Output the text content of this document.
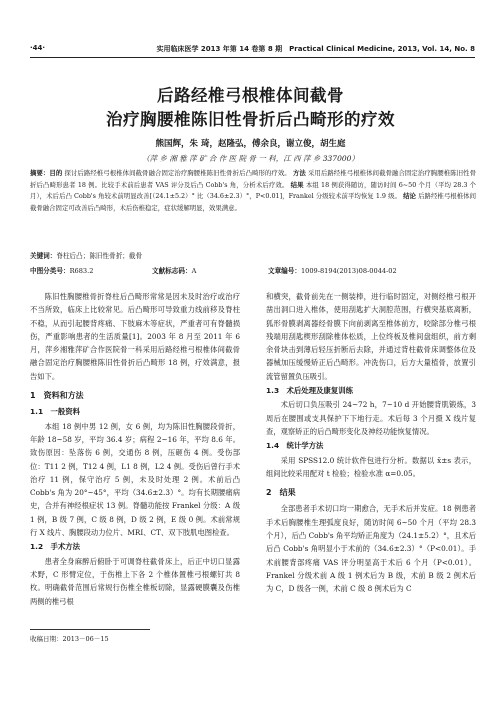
·44·	实用临床医学 2013 年第 14 卷第 8 期　Practical Clinical Medicine, 2013, Vol. 14, No. 8
后路经椎弓根椎体间截骨
治疗胸腰椎陈旧性骨折后凸畸形的疗效
熊国辉，朱 琦，赵隆弘，傅余良，谢立俊，胡生庭
（萍 乡 湘 雅 萍 矿 合 作 医 院 骨 一 科，江 西 萍 乡 337000）
摘要：目的 探讨后路经椎弓根椎体间截骨融合固定治疗胸腰椎陈旧性骨折后凸畸形的疗效。 方法 采用后路经椎弓根椎体间截骨融合固定治疗胸腰椎陈旧性骨折后凸畸形患者 18 例。比较手术前后患者 VAS 评分及后凸 Cobb's 角，分析术后疗效。 结果 本组 18 例获得随访，随访时间 6~50 个月（平均 28.3 个月），术后后凸 Cobb's 角较术前明显改善[（24.1±5.2）° 比（34.6±2.3）°，P<0.01]，Frankel 分级较术前平均恢复 1.9 级。 结论 后路经椎弓根椎体间截骨融合固定可改善后凸畸形，术后伤椎稳定，症状缓解明显，效果满意。
关键词：脊柱后凸；陈旧性骨折；截骨
中图分类号：R683.2	文献标志码：A	文章编号：1009-8194(2013)08-0044-02

陈旧性胸腰椎骨折脊柱后凸畸形常常是因未及时治疗或治疗不当所致，临床上比较常见。后凸畸形可导致重力线前移及脊柱不稳，从而引起腰背疼痛、下肢麻木等症状，严重者可有脊髓损伤，严重影响患者的生活质量[1]。2003 年 8 月至 2011 年 6 月，萍乡湘雅萍矿合作医院骨一科采用后路经椎弓根椎体间截骨融合固定治疗胸腰椎陈旧性骨折后凸畸形 18 例，疗效满意，报告如下。

1　资料和方法
1.1　一般资料

本组 18 例中男 12 例，女 6 例，均为陈旧性胸腰段骨折，年龄 18~58 岁，平均 36.4 岁；病程 2~16 年，平均 8.6 年。致伤原因：坠落伤 6 例，交通伤 8 例，压砸伤 4 例。受伤部位：T11 2 例，T12 4 例，L1 8 例，L2 4 例。受伤后曾行手术治疗 11 例，保守治疗 5 例，未及时处理 2 例。术前后凸 Cobb's 角为 20°~45°，平均（34.6±2.3）°。均有长期腰痛病史，合并有神经根症状 13 例。脊髓功能按 Frankel 分级：A 级 1 例，B 级 7 例，C 级 8 例，D 级 2 例，E 级 0 例。术前常规行 X 线片、胸腰段动力位片、MRI、CT、双下肢肌电图检查。

1.2　手术方法

患者全身麻醉后俯卧于可调脊柱截骨床上，后正中切口显露术野，C 形臂定位，于伤椎上下各 2 个椎体置椎弓根螺钉共 8 枚。明确截骨范围后常规行伤椎全椎板切除，显露硬膜囊及伤椎两侧的椎弓根

和横突，截骨前先在一侧装棒，进行临时固定，对侧经椎弓根开凿出洞口进入椎体，使用刮匙扩大洞腔范围，行横突基底离断，狐形骨膜剥离器经骨膜下向前剥离至椎体前方，咬除部分椎弓根残端用刮匙楔形刮除椎体松质，上位终板及椎间盘组织，前方剩余骨块击到薄后轻压折断后去除，并通过背柱截骨床调整体位及器械加压缓慢矫正后凸畸形。冲洗伤口，后方大量植骨，放置引流管留置负压吸引。

1.3　术后处理及康复训练

术后切口负压吸引 24~72 h，7~10 d 开始腰背肌锻炼，3 周后在腰围或支具保护下下地行走。术后每 3 个月摄 X 线片复查，观察矫正的后凸畸形变化及神经功能恢复情况。

1.4　统计学方法

采用 SPSS12.0 统计软件包进行分析。数据以 x̄±s 表示，组间比较采用配对 t 检验；检验水准 α=0.05。

2　结果

全部患者手术切口均一期愈合，无手术后并发症。18 例患者手术后胸腰椎生理弧度良好，随访时间 6~50 个月（平均 28.3 个月），后凸 Cobb's 角平均矫正角度为（24.1±5.2）°，且术后后凸 Cobb's 角明显小于术前的（34.6±2.3）°（P<0.01）。手术前腰背部疼痛 VAS 评分明显高于术后 6 个月（P<0.01）。Frankel 分级术前 A 级 1 例术后为 B 级，术前 B 级 2 例术后为 C，D 级各一例，术前 C 级 8 例术后为 C

收稿日期：2013－06－15
